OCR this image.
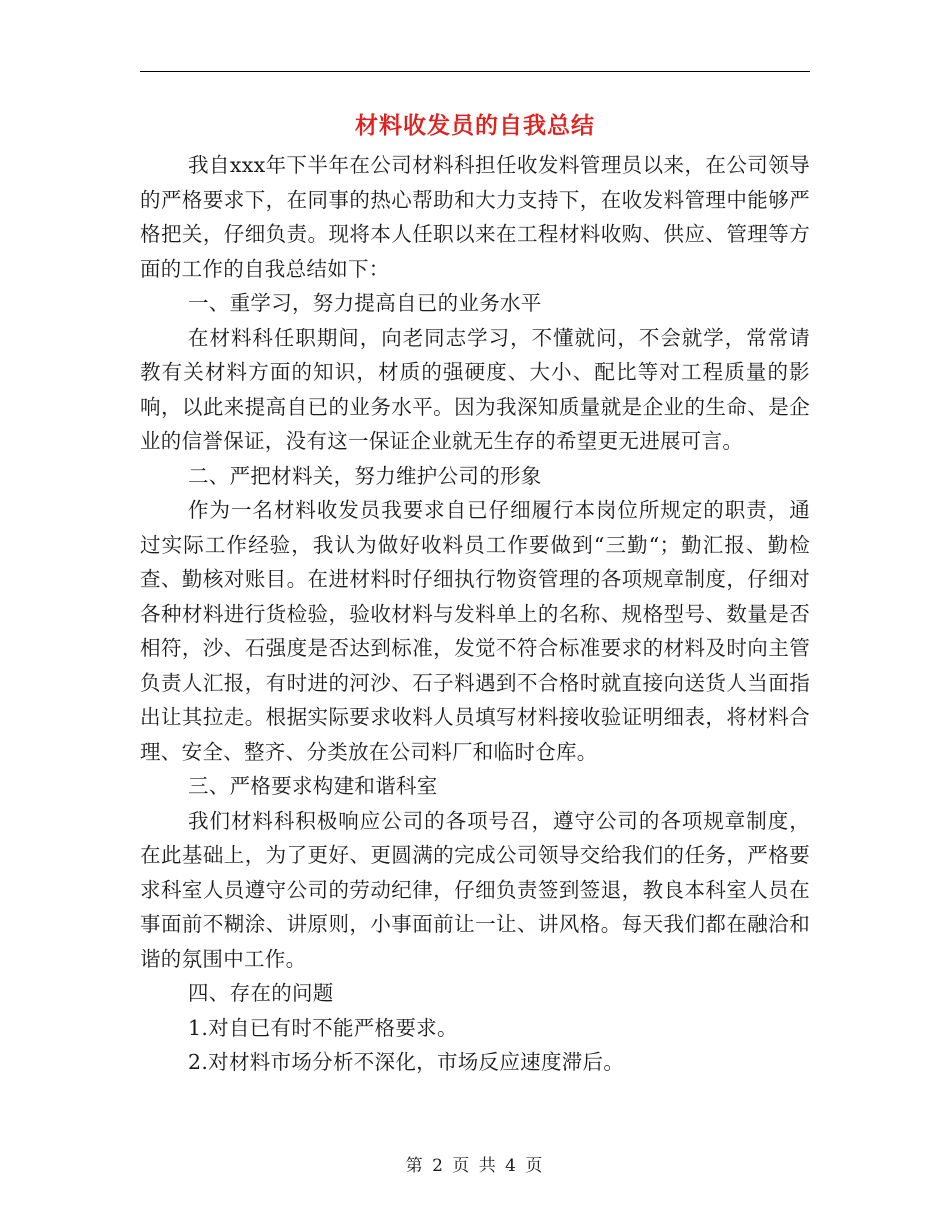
材料收发员的自我总结

我自xxx年下半年在公司材料科担任收发料管理员以来，在公司领导的严格要求下，在同事的热心帮助和大力支持下，在收发料管理中能够严格把关，仔细负责。现将本人任职以来在工程材料收购、供应、管理等方面的工作的自我总结如下：

一、重学习，努力提高自已的业务水平

在材料科任职期间，向老同志学习，不懂就问，不会就学，常常请教有关材料方面的知识，材质的强硬度、大小、配比等对工程质量的影响，以此来提高自已的业务水平。因为我深知质量就是企业的生命、是企业的信誉保证，没有这一保证企业就无生存的希望更无进展可言。

二、严把材料关，努力维护公司的形象

作为一名材料收发员我要求自已仔细履行本岗位所规定的职责，通过实际工作经验，我认为做好收料员工作要做到“三勤“；勤汇报、勤检查、勤核对账目。在进材料时仔细执行物资管理的各项规章制度，仔细对各种材料进行货检验，验收材料与发料单上的名称、规格型号、数量是否相符，沙、石强度是否达到标准，发觉不符合标准要求的材料及时向主管负责人汇报，有时进的河沙、石子料遇到不合格时就直接向送货人当面指出让其拉走。根据实际要求收料人员填写材料接收验证明细表，将材料合理、安全、整齐、分类放在公司料厂和临时仓库。

三、严格要求构建和谐科室

我们材料科积极响应公司的各项号召，遵守公司的各项规章制度，在此基础上，为了更好、更圆满的完成公司领导交给我们的任务，严格要求科室人员遵守公司的劳动纪律，仔细负责签到签退，教良本科室人员在事面前不糊涂、讲原则，小事面前让一让、讲风格。每天我们都在融洽和谐的氛围中工作。

四、存在的问题

1.对自已有时不能严格要求。

2.对材料市场分析不深化，市场反应速度滞后。

第 2 页 共 4 页
